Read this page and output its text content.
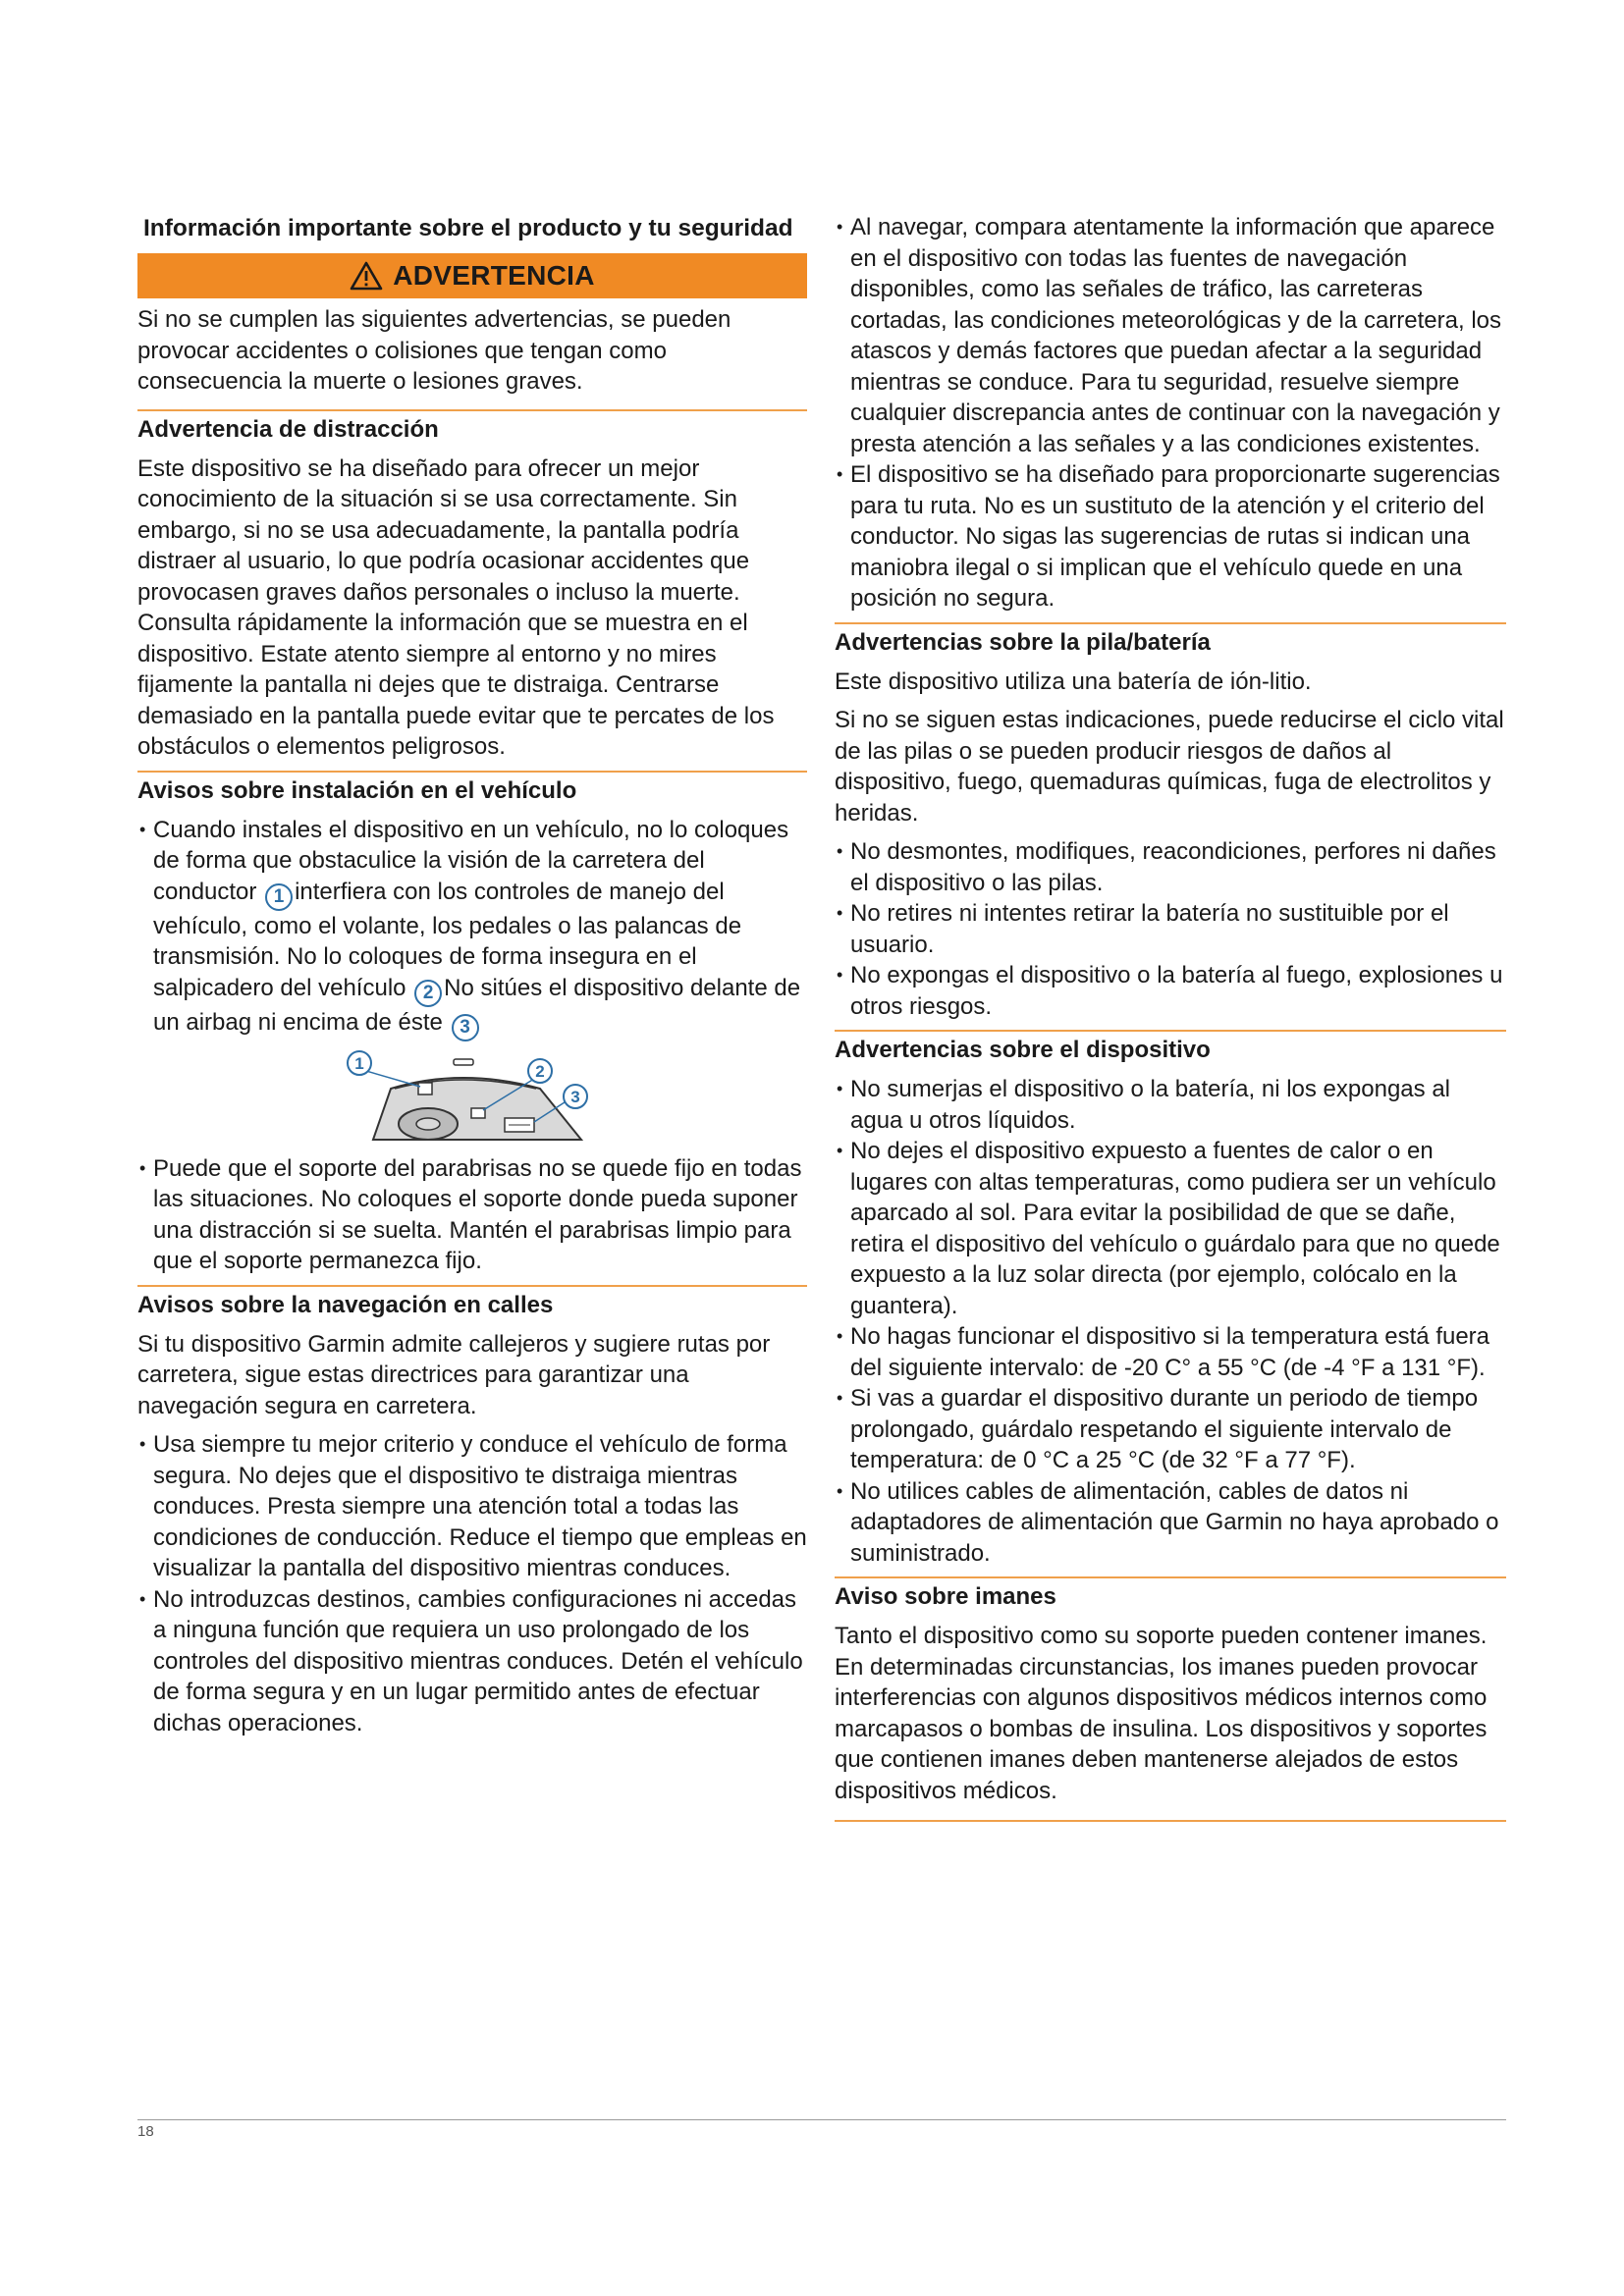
Información importante sobre el producto y tu seguridad
ADVERTENCIA

Si no se cumplen las siguientes advertencias, se pueden provocar accidentes o colisiones que tengan como consecuencia la muerte o lesiones graves.

Advertencia de distracción

Este dispositivo se ha diseñado para ofrecer un mejor conocimiento de la situación si se usa correctamente. Sin embargo, si no se usa adecuadamente, la pantalla podría distraer al usuario, lo que podría ocasionar accidentes que provocasen graves daños personales o incluso la muerte. Consulta rápidamente la información que se muestra en el dispositivo. Estate atento siempre al entorno y no mires fijamente la pantalla ni dejes que te distraiga. Centrarse demasiado en la pantalla puede evitar que te percates de los obstáculos o elementos peligrosos.

Avisos sobre instalación en el vehículo
• Cuando instales el dispositivo en un vehículo, no lo coloques de forma que obstaculice la visión de la carretera del conductor 1 interfiera con los controles de manejo del vehículo, como el volante, los pedales o las palancas de transmisión. No lo coloques de forma insegura en el salpicadero del vehículo 2 No sitúes el dispositivo delante de un airbag ni encima de éste 3
1	2
3
• Puede que el soporte del parabrisas no se quede fijo en todas las situaciones. No coloques el soporte donde pueda suponer una distracción si se suelta. Mantén el parabrisas limpio para que el soporte permanezca fijo.
Avisos sobre la navegación en calles

Si tu dispositivo Garmin admite callejeros y sugiere rutas por carretera, sigue estas directrices para garantizar una navegación segura en carretera.

• Usa siempre tu mejor criterio y conduce el vehículo de forma segura. No dejes que el dispositivo te distraiga mientras conduces. Presta siempre una atención total a todas las condiciones de conducción. Reduce el tiempo que empleas en visualizar la pantalla del dispositivo mientras conduces.
• No introduzcas destinos, cambies configuraciones ni accedas a ninguna función que requiera un uso prolongado de los controles del dispositivo mientras conduces. Detén el vehículo de forma segura y en un lugar permitido antes de efectuar dichas operaciones.
• Al navegar, compara atentamente la información que aparece en el dispositivo con todas las fuentes de navegación disponibles, como las señales de tráfico, las carreteras cortadas, las condiciones meteorológicas y de la carretera, los atascos y demás factores que puedan afectar a la seguridad mientras se conduce. Para tu seguridad, resuelve siempre cualquier discrepancia antes de continuar con la navegación y presta atención a las señales y a las condiciones existentes.
• El dispositivo se ha diseñado para proporcionarte sugerencias para tu ruta. No es un sustituto de la atención y el criterio del conductor. No sigas las sugerencias de rutas si indican una maniobra ilegal o si implican que el vehículo quede en una posición no segura.
Advertencias sobre la pila/batería

Este dispositivo utiliza una batería de ión-litio.

Si no se siguen estas indicaciones, puede reducirse el ciclo vital de las pilas o se pueden producir riesgos de daños al dispositivo, fuego, quemaduras químicas, fuga de electrolitos y heridas.

• No desmontes, modifiques, reacondiciones, perfores ni dañes el dispositivo o las pilas.
• No retires ni intentes retirar la batería no sustituible por el usuario.
• No expongas el dispositivo o la batería al fuego, explosiones u otros riesgos.
Advertencias sobre el dispositivo
• No sumerjas el dispositivo o la batería, ni los expongas al agua u otros líquidos.
• No dejes el dispositivo expuesto a fuentes de calor o en lugares con altas temperaturas, como pudiera ser un vehículo aparcado al sol. Para evitar la posibilidad de que se dañe, retira el dispositivo del vehículo o guárdalo para que no quede expuesto a la luz solar directa (por ejemplo, colócalo en la guantera).
• No hagas funcionar el dispositivo si la temperatura está fuera del siguiente intervalo: de -20 C° a 55 °C (de -4 °F a 131 °F).
• Si vas a guardar el dispositivo durante un periodo de tiempo prolongado, guárdalo respetando el siguiente intervalo de temperatura: de 0 °C a 25 °C (de 32 °F a 77 °F).
• No utilices cables de alimentación, cables de datos ni adaptadores de alimentación que Garmin no haya aprobado o suministrado.
Aviso sobre imanes

Tanto el dispositivo como su soporte pueden contener imanes. En determinadas circunstancias, los imanes pueden provocar interferencias con algunos dispositivos médicos internos como marcapasos o bombas de insulina. Los dispositivos y soportes que contienen imanes deben mantenerse alejados de estos dispositivos médicos.

18
